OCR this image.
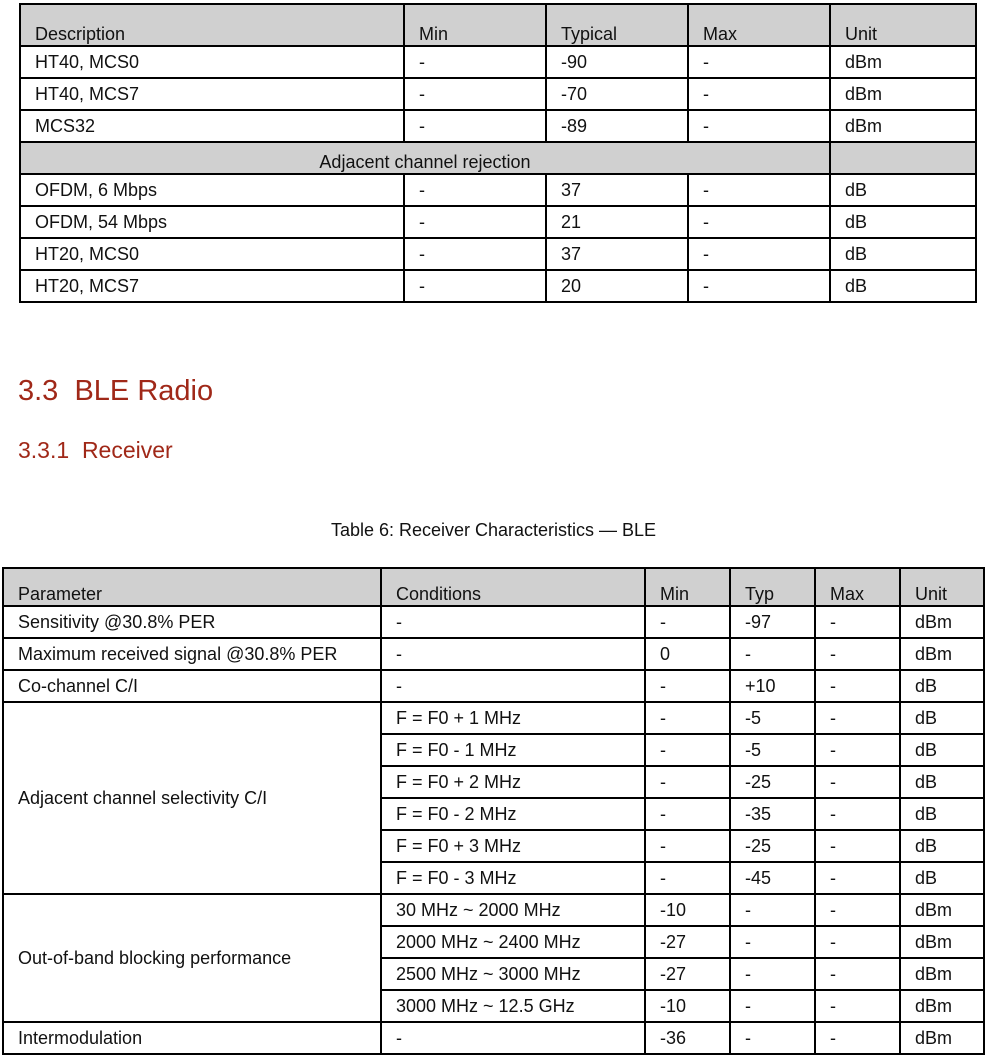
Description	Min	Typical	Max	Unit
HT40, MCS0	-	-90	-	dBm
HT40, MCS7	-	-70	-	dBm
MCS32	-	-89	-	dBm
Adjacent channel rejection				
OFDM, 6 Mbps	-	37	-	dB
OFDM, 54 Mbps	-	21	-	dB
HT20, MCS0	-	37	-	dB
HT20, MCS7	-	20	-	dB
3.3 BLE Radio
3.3.1 Receiver
Table 6: Receiver Characteristics — BLE
Parameter	Conditions	Min	Typ	Max	Unit
Sensitivity @30.8% PER	-	-	-97	-	dBm
Maximum received signal @30.8% PER	-	0	-	-	dBm
Co-channel C/I	-	-	+10	-	dB
Adjacent channel selectivity C/I	F = F0 + 1 MHz	-	-5	-	dB
	F = F0 - 1 MHz	-	-5	-	dB
	F = F0 + 2 MHz	-	-25	-	dB
	F = F0 - 2 MHz	-	-35	-	dB
	F = F0 + 3 MHz	-	-25	-	dB
	F = F0 - 3 MHz	-	-45	-	dB
Out-of-band blocking performance	30 MHz ~ 2000 MHz	-10	-	-	dBm
	2000 MHz ~ 2400 MHz	-27	-	-	dBm
	2500 MHz ~ 3000 MHz	-27	-	-	dBm
	3000 MHz ~ 12.5 GHz	-10	-	-	dBm
Intermodulation	-	-36	-	-	dBm
